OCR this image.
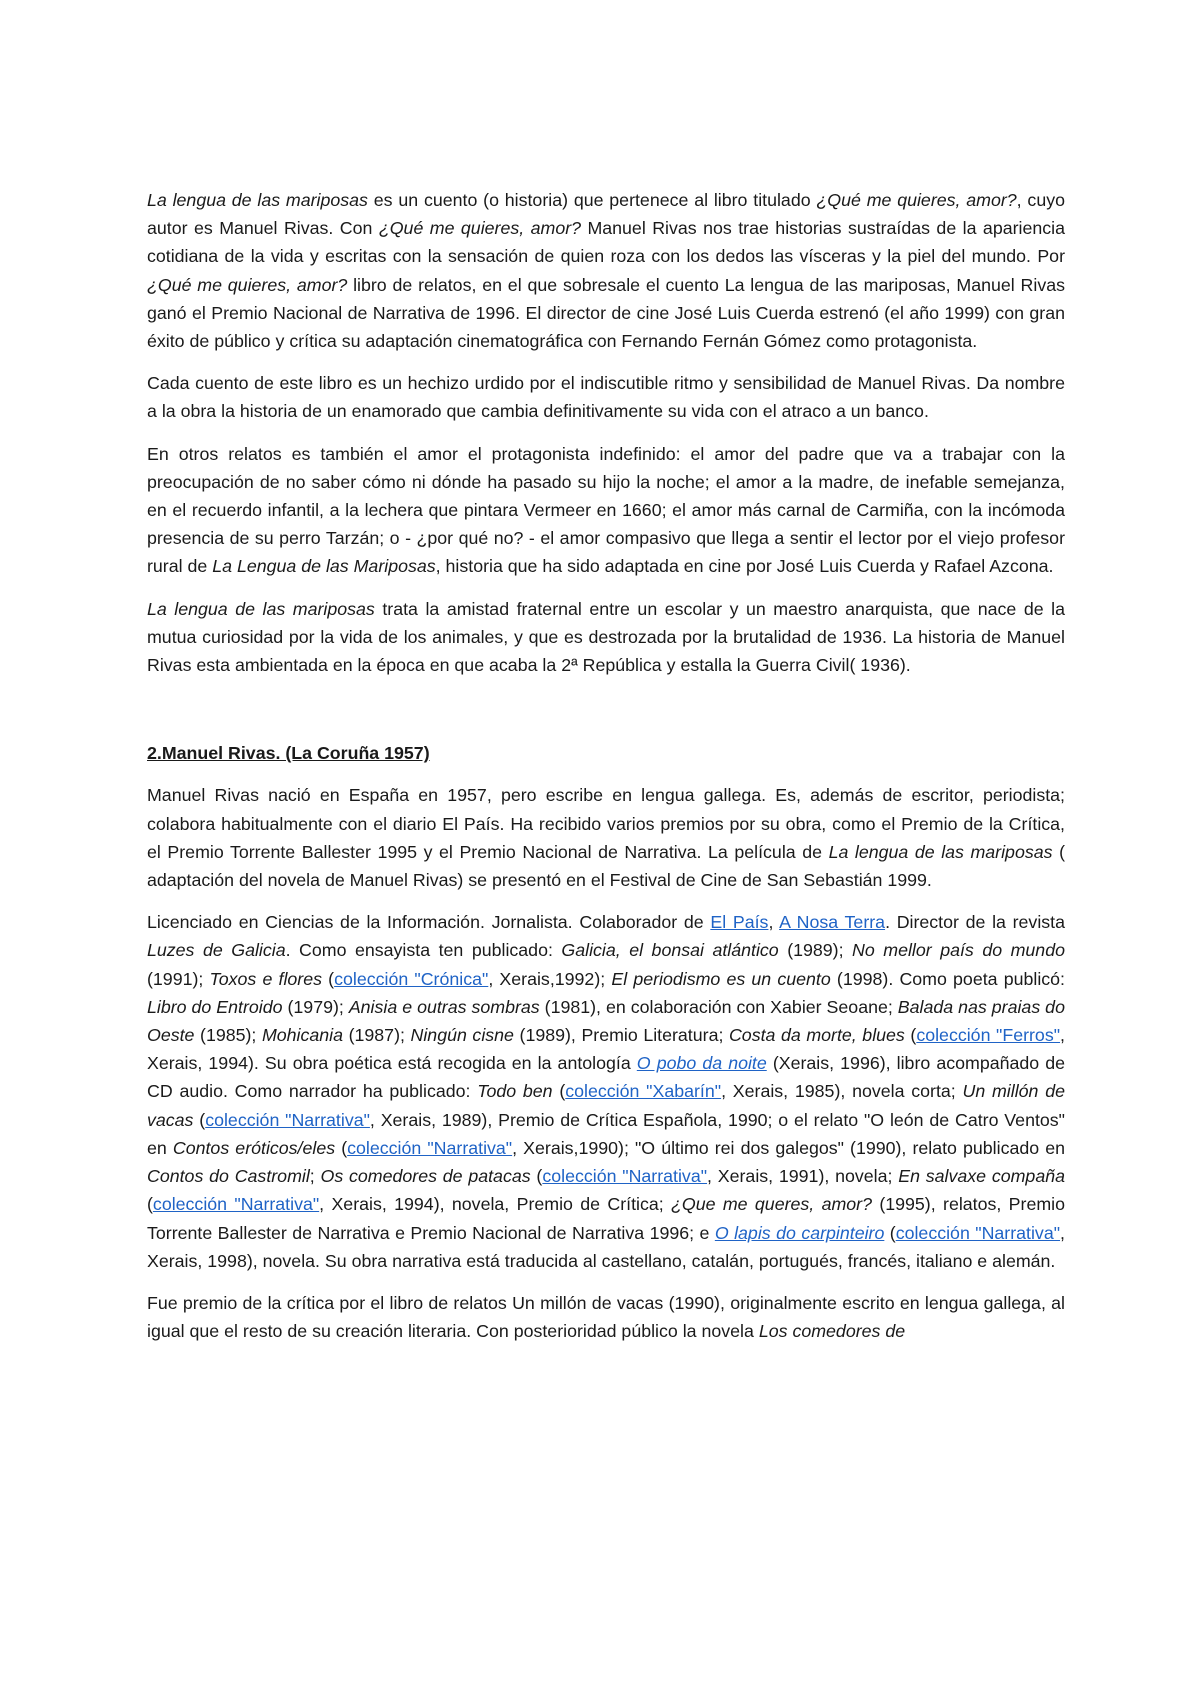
La lengua de las mariposas es un cuento (o historia) que pertenece al libro titulado ¿Qué me quieres, amor?, cuyo autor es Manuel Rivas. Con ¿Qué me quieres, amor? Manuel Rivas nos trae historias sustraídas de la apariencia cotidiana de la vida y escritas con la sensación de quien roza con los dedos las vísceras y la piel del mundo. Por ¿Qué me quieres, amor? libro de relatos, en el que sobresale el cuento La lengua de las mariposas, Manuel Rivas ganó el Premio Nacional de Narrativa de 1996. El director de cine José Luis Cuerda estrenó (el año 1999) con gran éxito de público y crítica su adaptación cinematográfica con Fernando Fernán Gómez como protagonista.

Cada cuento de este libro es un hechizo urdido por el indiscutible ritmo y sensibilidad de Manuel Rivas. Da nombre a la obra la historia de un enamorado que cambia definitivamente su vida con el atraco a un banco.

En otros relatos es también el amor el protagonista indefinido: el amor del padre que va a trabajar con la preocupación de no saber cómo ni dónde ha pasado su hijo la noche; el amor a la madre, de inefable semejanza, en el recuerdo infantil, a la lechera que pintara Vermeer en 1660; el amor más carnal de Carmiña, con la incómoda presencia de su perro Tarzán; o - ¿por qué no? - el amor compasivo que llega a sentir el lector por el viejo profesor rural de La Lengua de las Mariposas, historia que ha sido adaptada en cine por José Luis Cuerda y Rafael Azcona.

La lengua de las mariposas trata la amistad fraternal entre un escolar y un maestro anarquista, que nace de la mutua curiosidad por la vida de los animales, y que es destrozada por la brutalidad de 1936. La historia de Manuel Rivas esta ambientada en la época en que acaba la 2ª República y estalla la Guerra Civil( 1936).

2.Manuel Rivas. (La Coruña 1957)

Manuel Rivas nació en España en 1957, pero escribe en lengua gallega. Es, además de escritor, periodista; colabora habitualmente con el diario El País. Ha recibido varios premios por su obra, como el Premio de la Crítica, el Premio Torrente Ballester 1995 y el Premio Nacional de Narrativa. La película de La lengua de las mariposas ( adaptación del novela de Manuel Rivas) se presentó en el Festival de Cine de San Sebastián 1999.

Licenciado en Ciencias de la Información. Jornalista. Colaborador de El País, A Nosa Terra. Director de la revista Luzes de Galicia. Como ensayista ten publicado: Galicia, el bonsai atlántico (1989); No mellor país do mundo (1991); Toxos e flores (colección "Crónica", Xerais,1992); El periodismo es un cuento (1998). Como poeta publicó: Libro do Entroido (1979); Anisia e outras sombras (1981), en colaboración con Xabier Seoane; Balada nas praias do Oeste (1985); Mohicania (1987); Ningún cisne (1989), Premio Literatura; Costa da morte, blues (colección "Ferros", Xerais, 1994). Su obra poética está recogida en la antología O pobo da noite (Xerais, 1996), libro acompañado de CD audio. Como narrador ha publicado: Todo ben (colección "Xabarín", Xerais, 1985), novela corta; Un millón de vacas (colección "Narrativa", Xerais, 1989), Premio de Crítica Española, 1990; o el relato "O león de Catro Ventos" en Contos eróticos/eles (colección "Narrativa", Xerais,1990); "O último rei dos galegos" (1990), relato publicado en Contos do Castromil; Os comedores de patacas (colección "Narrativa", Xerais, 1991), novela; En salvaxe compaña (colección "Narrativa", Xerais, 1994), novela, Premio de Crítica; ¿Que me queres, amor? (1995), relatos, Premio Torrente Ballester de Narrativa e Premio Nacional de Narrativa 1996; e O lapis do carpinteiro (colección "Narrativa", Xerais, 1998), novela. Su obra narrativa está traducida al castellano, catalán, portugués, francés, italiano e alemán.

Fue premio de la crítica por el libro de relatos Un millón de vacas (1990), originalmente escrito en lengua gallega, al igual que el resto de su creación literaria. Con posterioridad público la novela Los comedores de
